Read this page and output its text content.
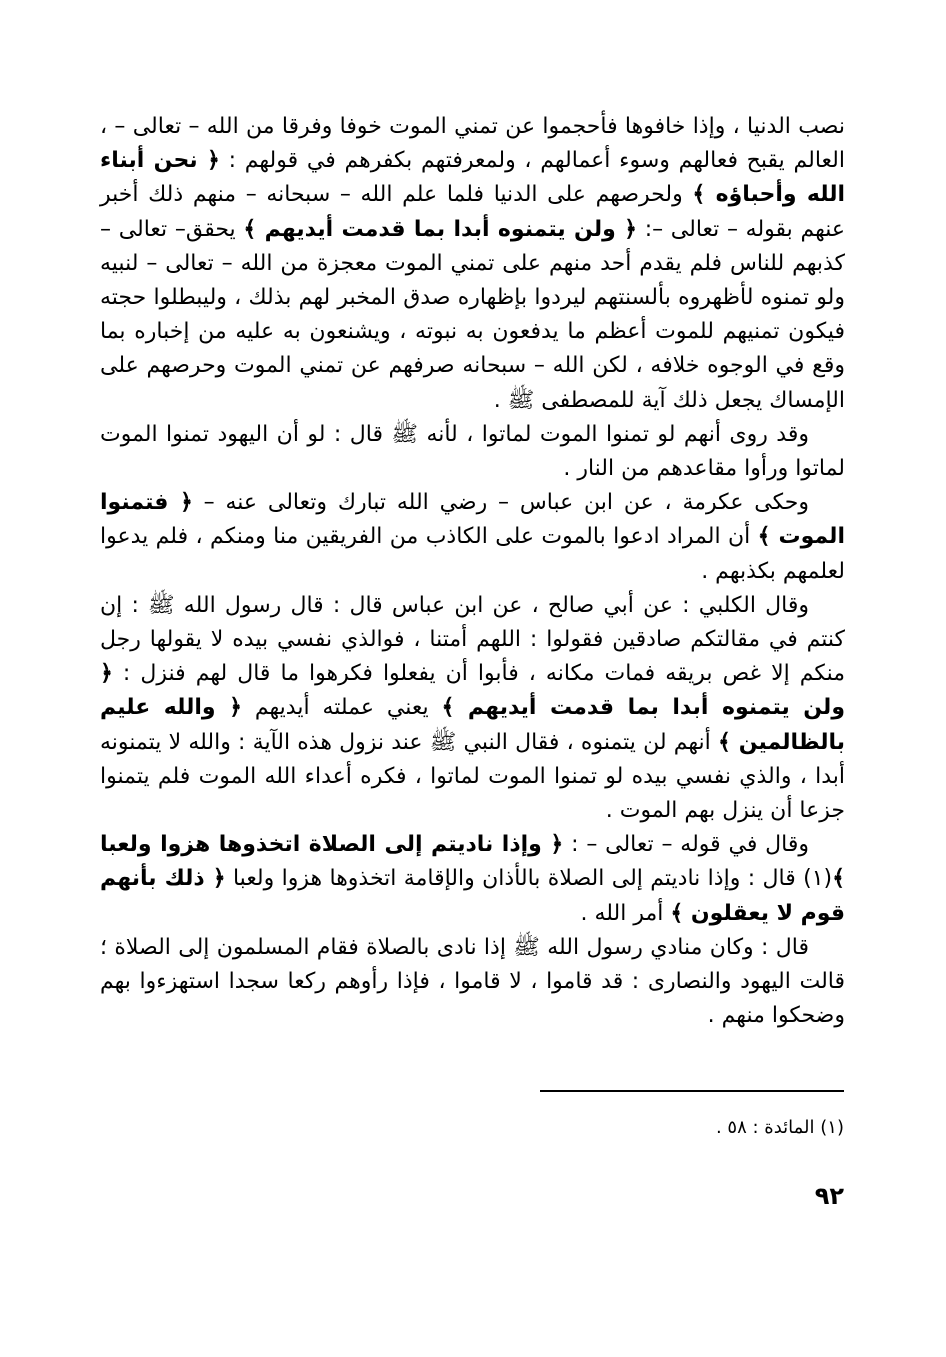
نصب الدنيا ، وإذا خافوها فأحجموا عن تمني الموت خوفا وفرقا من الله – تعالى – ، العالم يقبح فعالهم وسوء أعمالهم ، ولمعرفتهم بكفرهم في قولهم : ﴿ نحن أبناء الله وأحباؤه ﴾ ولحرصهم على الدنيا فلما علم الله – سبحانه – منهم ذلك أخبر عنهم بقوله – تعالى –: ﴿ ولن يتمنوه أبدا بما قدمت أيديهم ﴾ يحقق– تعالى – كذبهم للناس فلم يقدم أحد منهم على تمني الموت معجزة من الله – تعالى – لنبيه ولو تمنوه لأظهروه بألسنتهم ليردوا بإظهاره صدق المخبر لهم بذلك ، وليبطلوا حجته فيكون تمنيهم للموت أعظم ما يدفعون به نبوته ، ويشنعون به عليه من إخباره بما وقع في الوجوه خلافه ، لكن الله – سبحانه صرفهم عن تمني الموت وحرصهم على الإمساك يجعل ذلك آية للمصطفى ﷺ .

وقد روى أنهم لو تمنوا الموت لماتوا ، لأنه ﷺ قال : لو أن اليهود تمنوا الموت لماتوا ورأوا مقاعدهم من النار .

وحكى عكرمة ، عن ابن عباس – رضي الله تبارك وتعالى عنه – ﴿ فتمنوا الموت ﴾ أن المراد ادعوا بالموت على الكاذب من الفريقين منا ومنكم ، فلم يدعوا لعلمهم بكذبهم .

وقال الكلبي : عن أبي صالح ، عن ابن عباس قال : قال رسول الله ﷺ : إن كنتم في مقالتكم صادقين فقولوا : اللهم أمتنا ، فوالذي نفسي بيده لا يقولها رجل منكم إلا غص بريقه فمات مكانه ، فأبوا أن يفعلوا فكرهوا ما قال لهم فنزل : ﴿ ولن يتمنوه أبدا بما قدمت أيديهم ﴾ يعني عملته أيديهم ﴿ والله عليم بالظالمين ﴾ أنهم لن يتمنوه ، فقال النبي ﷺ عند نزول هذه الآية : والله لا يتمنونه أبدا ، والذي نفسي بيده لو تمنوا الموت لماتوا ، فكره أعداء الله الموت فلم يتمنوا جزعا أن ينزل بهم الموت .

وقال في قوله – تعالى – : ﴿ وإذا ناديتم إلى الصلاة اتخذوها هزوا ولعبا ﴾(١) قال : وإذا ناديتم إلى الصلاة بالأذان والإقامة اتخذوها هزوا ولعبا ﴿ ذلك بأنهم قوم لا يعقلون ﴾ أمر الله .

قال : وكان منادي رسول الله ﷺ إذا نادى بالصلاة فقام المسلمون إلى الصلاة ؛ قالت اليهود والنصارى : قد قاموا ، لا قاموا ، فإذا رأوهم ركعا سجدا استهزءوا بهم وضحكوا منهم .

(١) المائدة : ٥٨ .
٩٢
